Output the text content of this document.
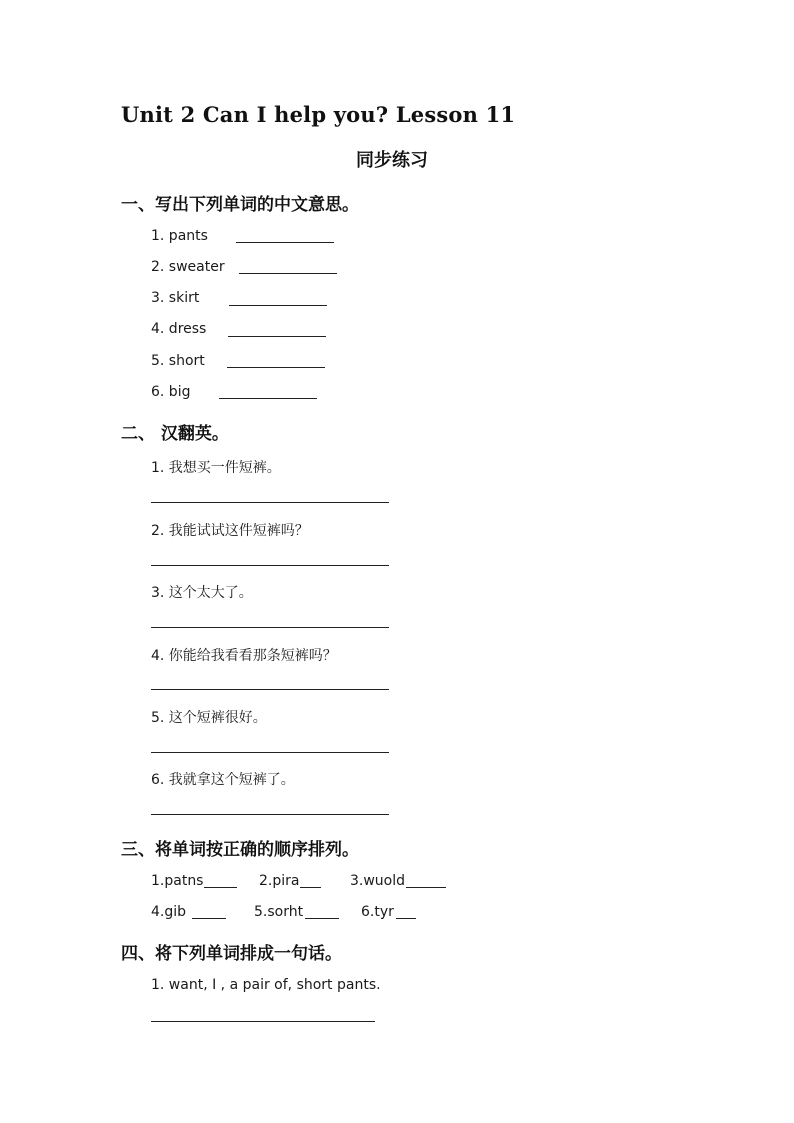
Unit 2 Can I help you? Lesson 11
同步练习
一、写出下列单词的中文意思。
1. pants
2. sweater
3. skirt
4. dress
5. short
6. big
二、 汉翻英。
1. 我想买一件短裤。
2. 我能试试这件短裤吗？
3. 这个太大了。
4. 你能给我看看那条短裤吗？
5. 这个短裤很好。
6. 我就拿这个短裤了。
三、将单词按正确的顺序排列。
1.patns	2.pira	3.wuold
4.gib	5.sorht	6.tyr
四、将下列单词排成一句话。
1. want, I , a pair of, short pants.
